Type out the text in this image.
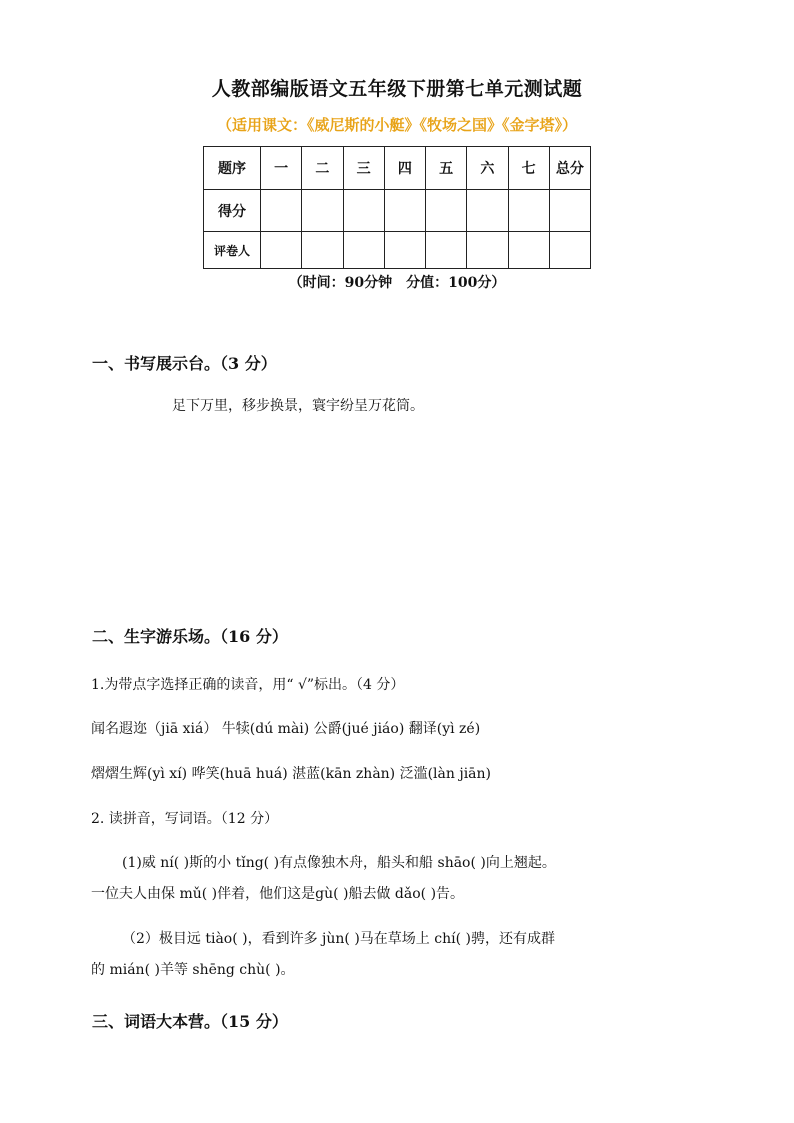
人教部编版语文五年级下册第七单元测试题
（适用课文：《威尼斯的小艇》《牧场之国》《金字塔》）
题序	一	二	三	四	五	六	七	总分
得分								
评卷人								
（时间：90分钟　分值：100分）
一、书写展示台。（3 分）
足下万里，移步换景，寰宇纷呈万花筒。
二、生字游乐场。（16 分）
1.为带点字选择正确的读音，用“ √”标出。（4 分）
闻名遐迩（jiā xiá） 牛犊(dú mài) 公爵(jué jiáo) 翻译(yì zé)
熠熠生辉(yì xí) 哗笑(huā huá) 湛蓝(kān zhàn) 泛滥(làn jiān)
2. 读拼音，写词语。（12 分）
(1)威 ní( )斯的小 tǐng( )有点像独木舟，船头和船 shāo( )向上翘起。
一位夫人由保 mǔ( )伴着，他们这是gù( )船去做 dǎo( )告。
（2）极目远 tiào( )，看到许多 jùn( )马在草场上 chí( )骋，还有成群
的 mián( )羊等 shēng chù( )。
三、词语大本营。（15 分）
